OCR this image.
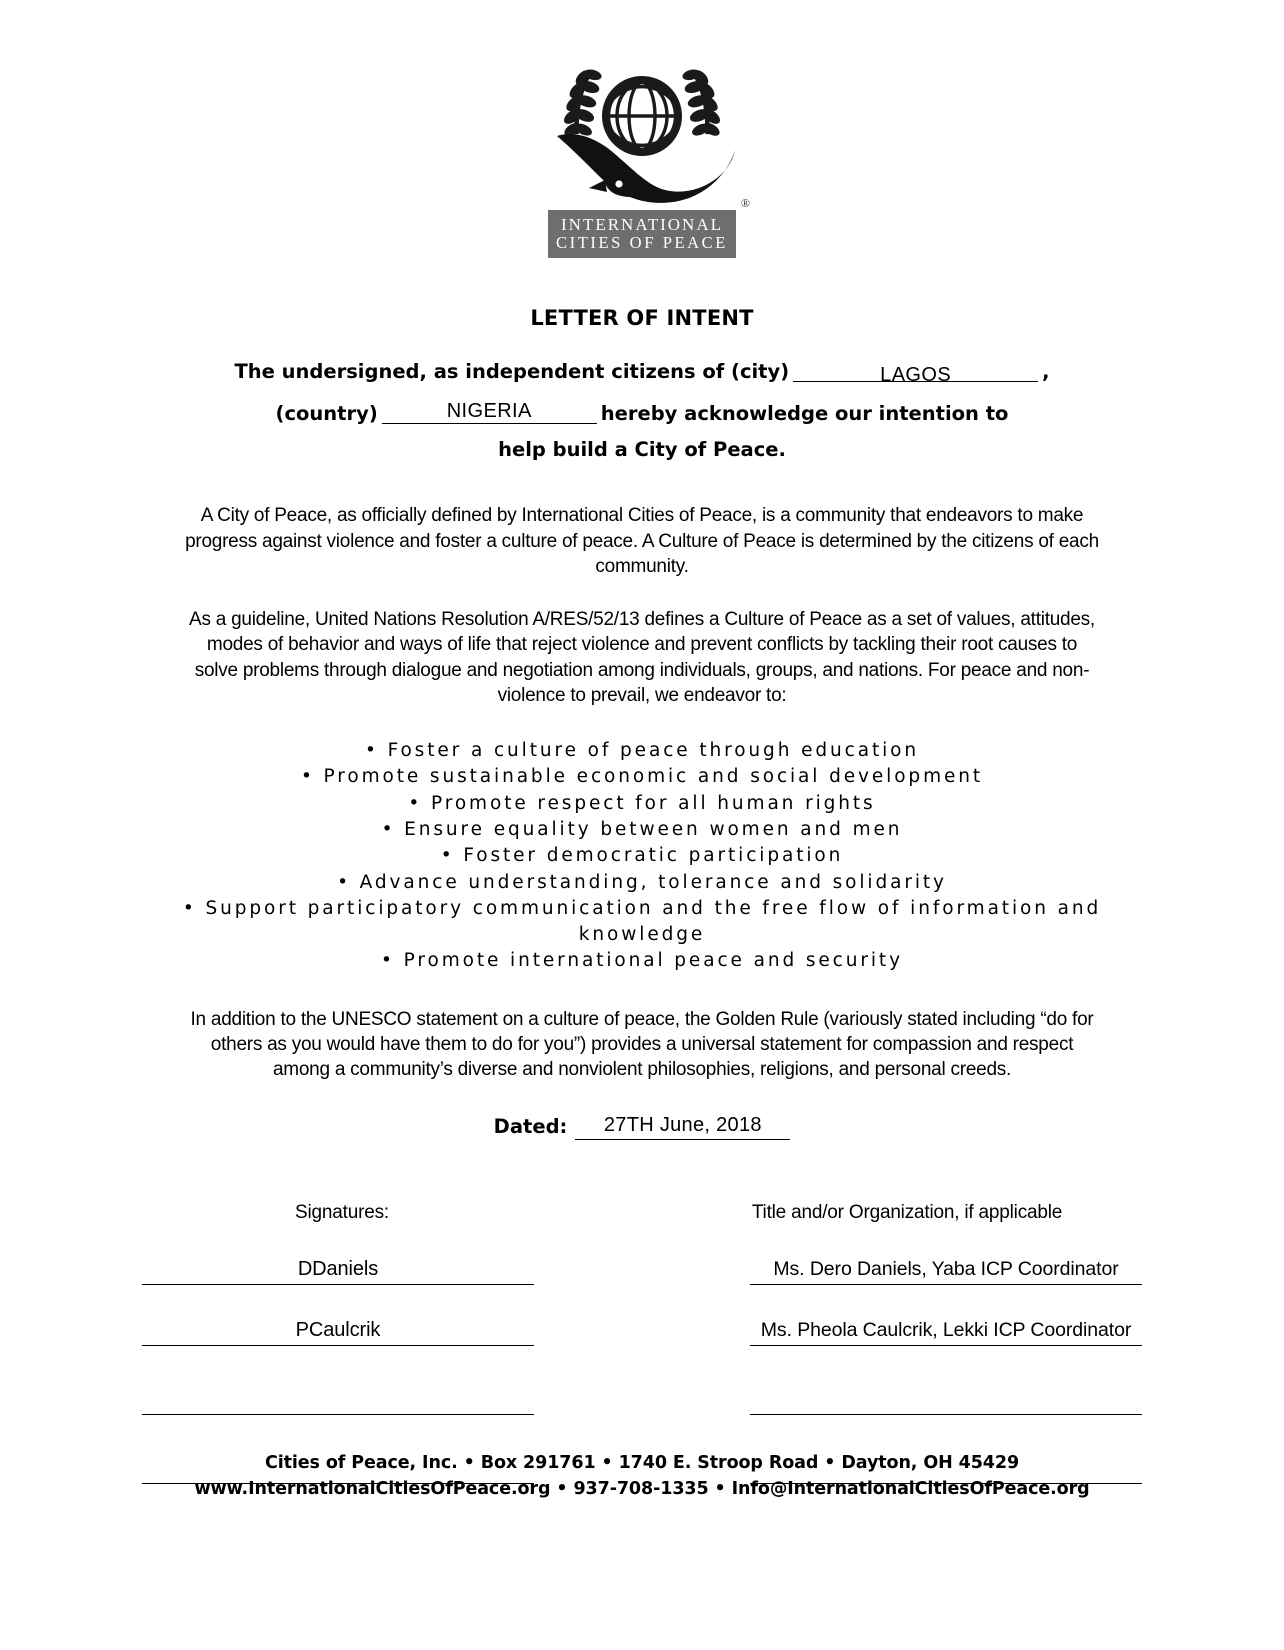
®
INTERNATIONAL
CITIES OF PEACE
LETTER OF INTENT
The undersigned, as independent citizens of (city)	LAGOS	,
(country)	NIGERIA	hereby acknowledge our intention to
help build a City of Peace.
A City of Peace, as officially defined by International Cities of Peace, is a community that endeavors to make progress against violence and foster a culture of peace. A Culture of Peace is determined by the citizens of each community.
As a guideline, United Nations Resolution A/RES/52/13 defines a Culture of Peace as a set of values, attitudes, modes of behavior and ways of life that reject violence and prevent conflicts by tackling their root causes to solve problems through dialogue and negotiation among individuals, groups, and nations. For peace and non-violence to prevail, we endeavor to:
• Foster a culture of peace through education
• Promote sustainable economic and social development
• Promote respect for all human rights
• Ensure equality between women and men
• Foster democratic participation
• Advance understanding, tolerance and solidarity
• Support participatory communication and the free flow of information and knowledge
• Promote international peace and security
In addition to the UNESCO statement on a culture of peace, the Golden Rule (variously stated including “do for others as you would have them to do for you”) provides a universal statement for compassion and respect among a community’s diverse and nonviolent philosophies, religions, and personal creeds.
Dated:	27TH June, 2018
Signatures:	Title and/or Organization, if applicable
DDaniels	Ms. Dero Daniels, Yaba ICP Coordinator
PCaulcrik	Ms. Pheola Caulcrik, Lekki ICP Coordinator
Cities of Peace, Inc. • Box 291761 • 1740 E. Stroop Road • Dayton, OH 45429
www.InternationalCitiesOfPeace.org • 937-708-1335 • Info@InternationalCitiesOfPeace.org
